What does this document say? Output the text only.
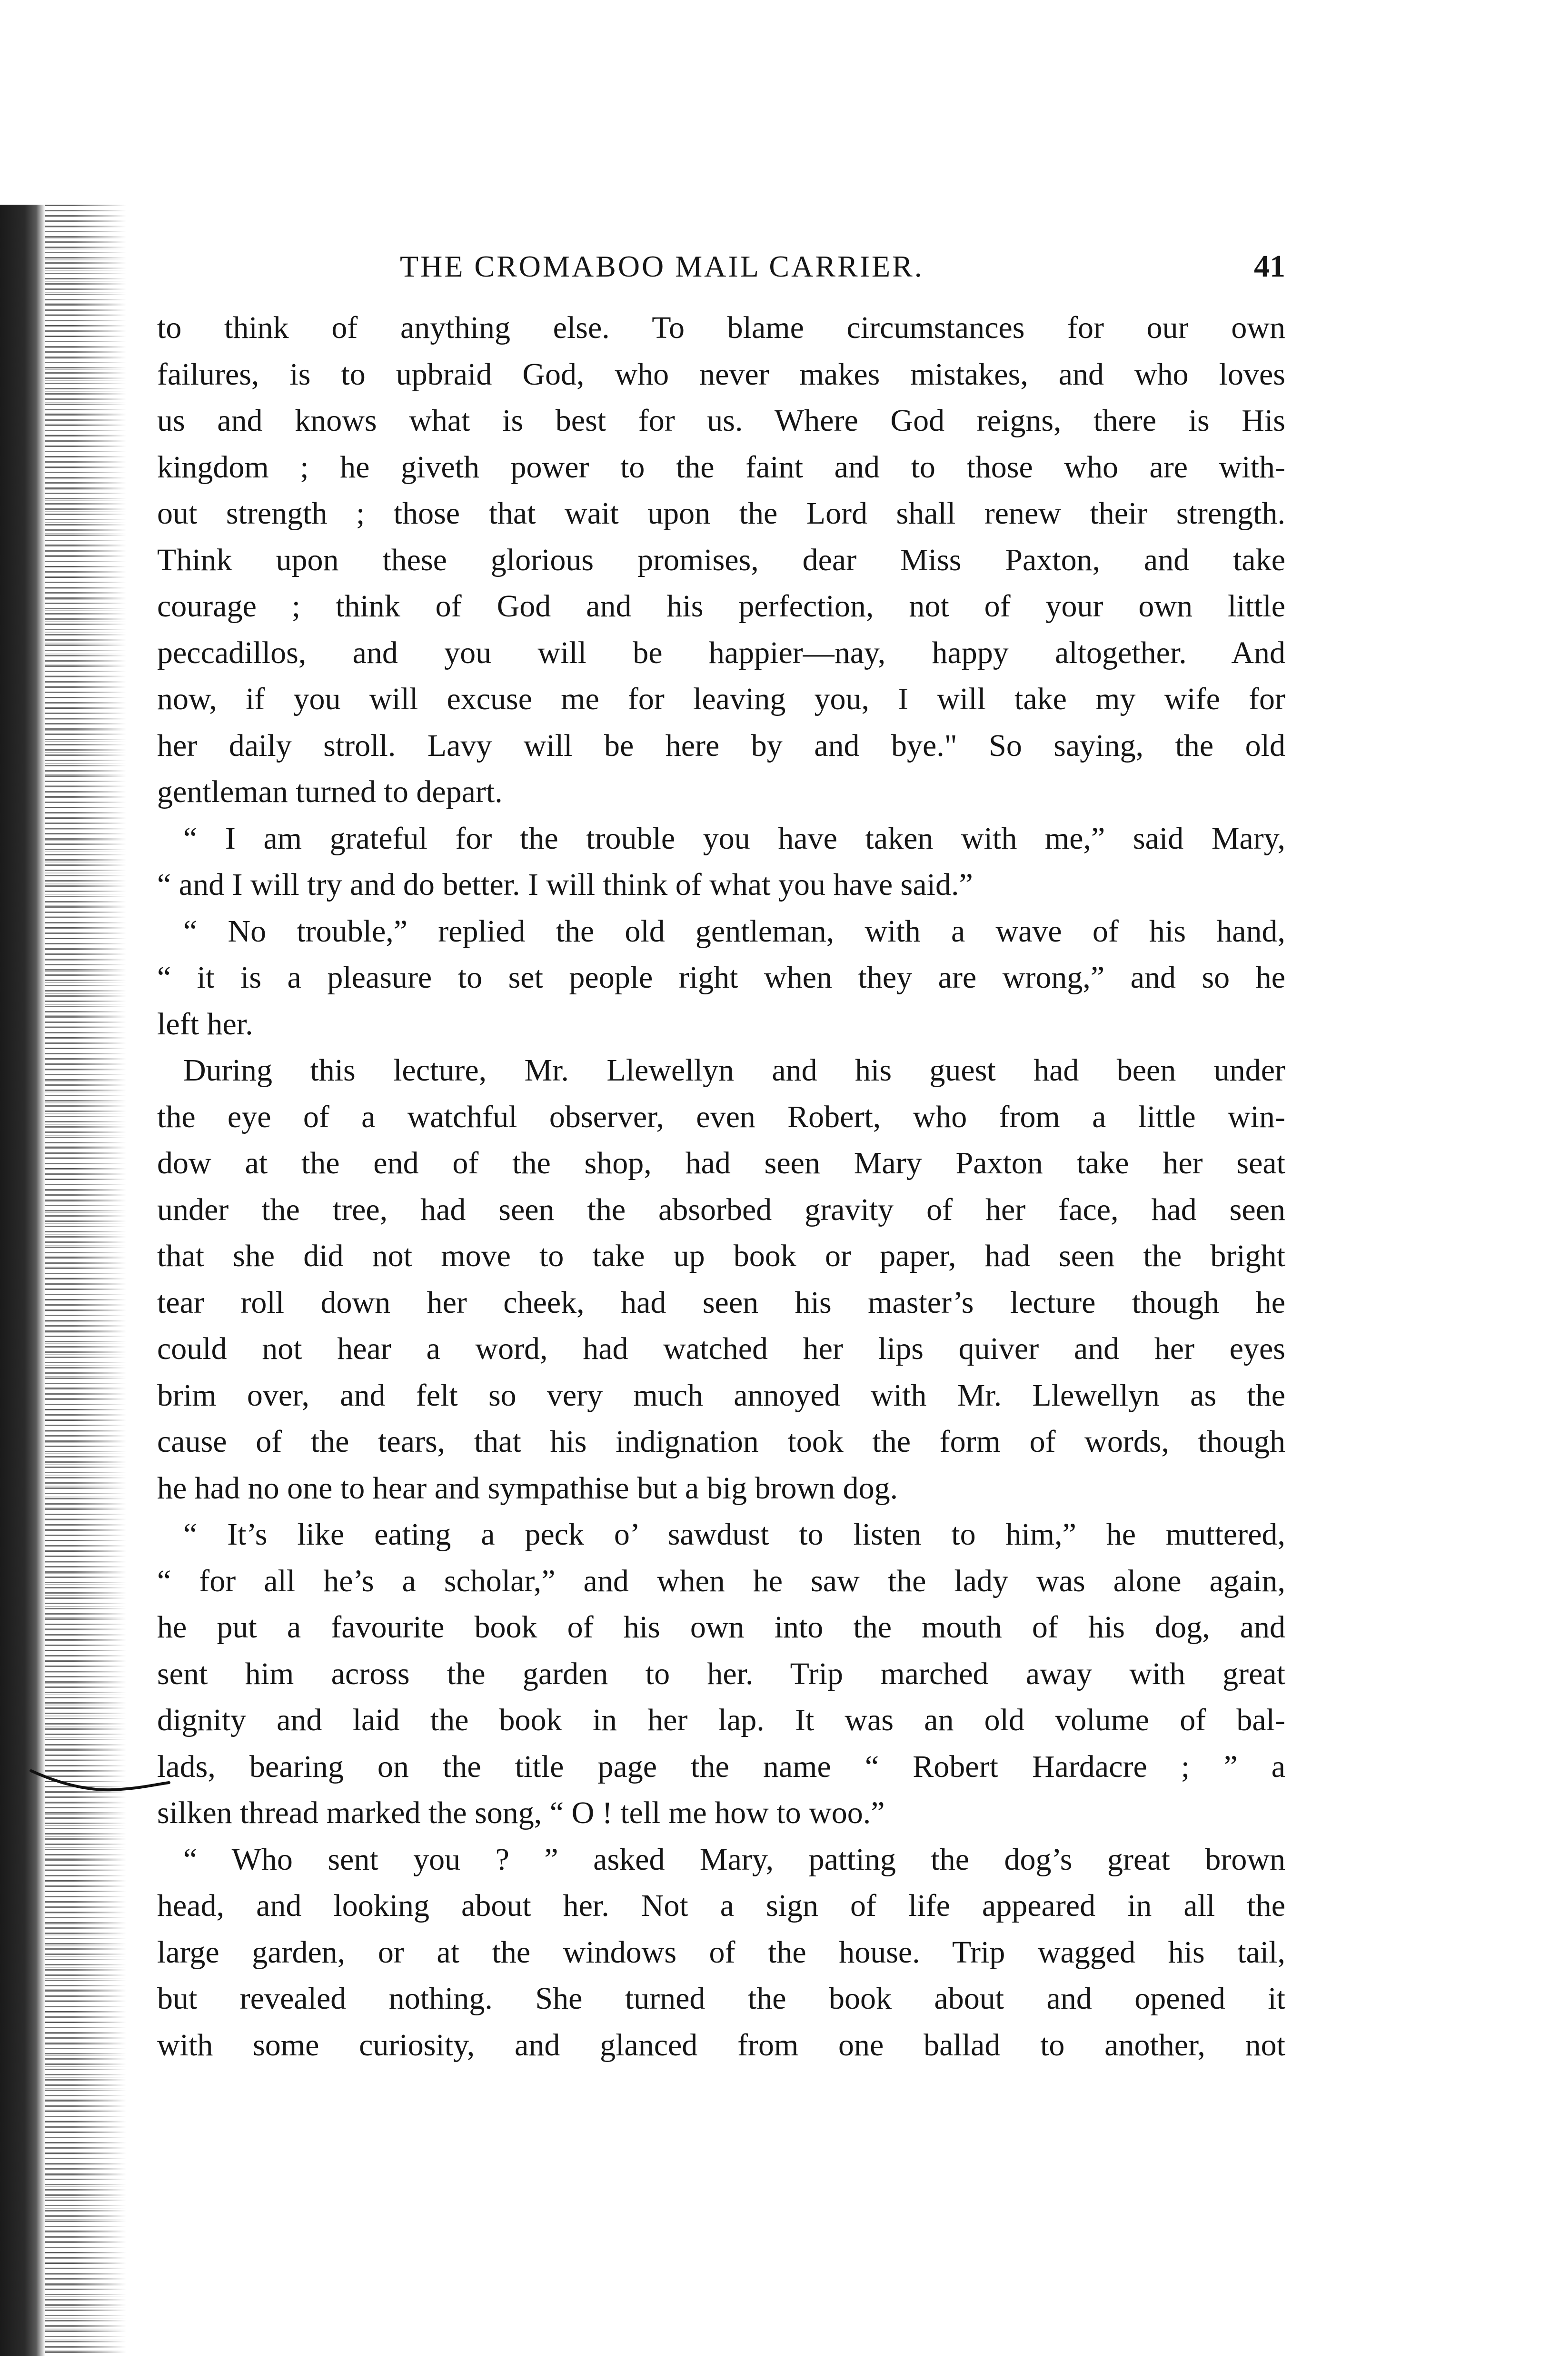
THE CROMABOO MAIL CARRIER.	41
to think of anything else. To blame circumstances for our own
failures, is to upbraid God, who never makes mistakes, and who loves
us and knows what is best for us. Where God reigns, there is His
kingdom ; he giveth power to the faint and to those who are with-
out strength ; those that wait upon the Lord shall renew their strength.
Think upon these glorious promises, dear Miss Paxton, and take
courage ; think of God and his perfection, not of your own little
peccadillos, and you will be happier—nay, happy altogether. And
now, if you will excuse me for leaving you, I will take my wife for
her daily stroll. Lavy will be here by and bye." So saying, the old
gentleman turned to depart.
“ I am grateful for the trouble you have taken with me,” said Mary,
“ and I will try and do better. I will think of what you have said.”
“ No trouble,” replied the old gentleman, with a wave of his hand,
“ it is a pleasure to set people right when they are wrong,” and so he
left her.
During this lecture, Mr. Llewellyn and his guest had been under
the eye of a watchful observer, even Robert, who from a little win-
dow at the end of the shop, had seen Mary Paxton take her seat
under the tree, had seen the absorbed gravity of her face, had seen
that she did not move to take up book or paper, had seen the bright
tear roll down her cheek, had seen his master’s lecture though he
could not hear a word, had watched her lips quiver and her eyes
brim over, and felt so very much annoyed with Mr. Llewellyn as the
cause of the tears, that his indignation took the form of words, though
he had no one to hear and sympathise but a big brown dog.
“ It’s like eating a peck o’ sawdust to listen to him,” he muttered,
“ for all he’s a scholar,” and when he saw the lady was alone again,
he put a favourite book of his own into the mouth of his dog, and
sent him across the garden to her. Trip marched away with great
dignity and laid the book in her lap. It was an old volume of bal-
lads, bearing on the title page the name “ Robert Hardacre ; ” a
silken thread marked the song, “ O ! tell me how to woo.”
“ Who sent you ? ” asked Mary, patting the dog’s great brown
head, and looking about her. Not a sign of life appeared in all the
large garden, or at the windows of the house. Trip wagged his tail,
but revealed nothing. She turned the book about and opened it
with some curiosity, and glanced from one ballad to another, not
